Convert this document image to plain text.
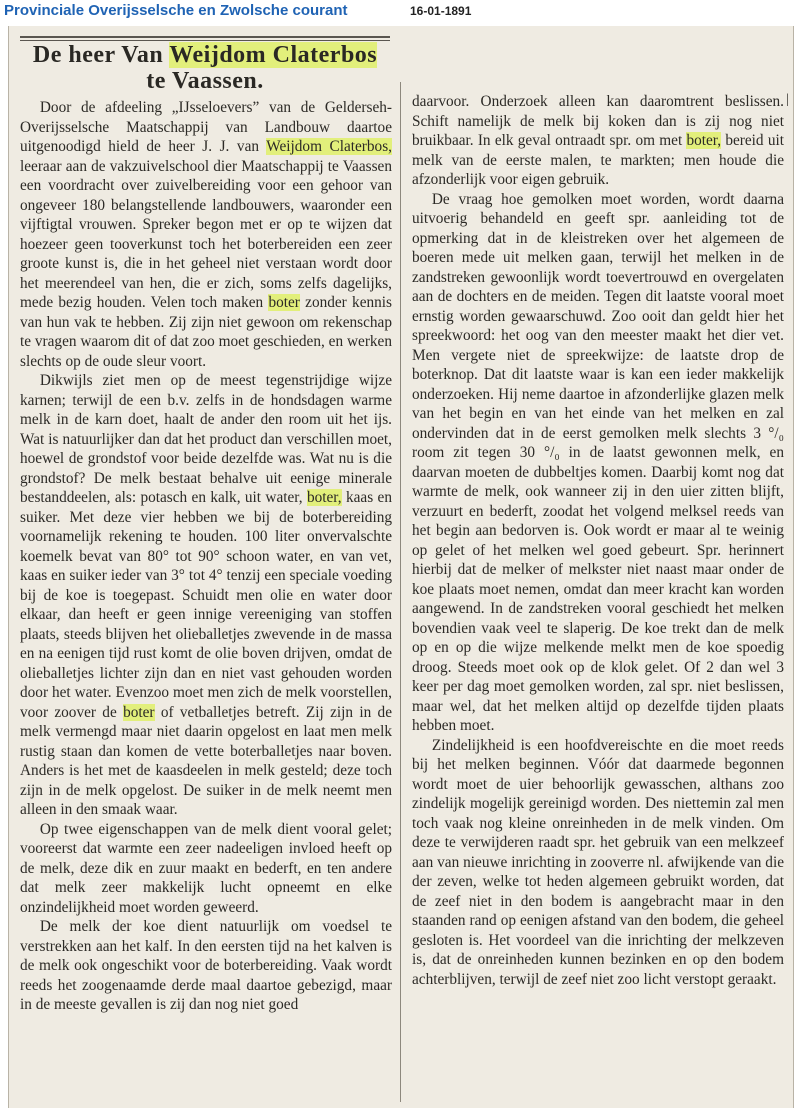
Provinciale Overijsselsche en Zwolsche courant	16-01-1891
De heer Van Weijdom Claterbos
te Vaassen.

Door de afdeeling „IJsseloevers” van de Gelderseh-Overijsselsche Maatschappij van Landbouw daartoe uitgenoodigd hield de heer J. J. van Weijdom Claterbos, leeraar aan de vakzuivelschool dier Maatschappij te Vaassen een voordracht over zuivelbereiding voor een gehoor van ongeveer 180 belangstellende landbouwers, waaronder een vijftigtal vrouwen. Spreker begon met er op te wijzen dat hoezeer geen tooverkunst toch het boterbereiden een zeer groote kunst is, die in het geheel niet verstaan wordt door het meerendeel van hen, die er zich, soms zelfs dagelijks, mede bezig houden. Velen toch maken boter zonder kennis van hun vak te hebben. Zij zijn niet gewoon om rekenschap te vragen waarom dit of dat zoo moet geschieden, en werken slechts op de oude sleur voort.

Dikwijls ziet men op de meest tegenstrijdige wijze karnen; terwijl de een b.v. zelfs in de hondsdagen warme melk in de karn doet, haalt de ander den room uit het ijs. Wat is natuurlijker dan dat het product dan verschillen moet, hoewel de grondstof voor beide dezelfde was. Wat nu is die grondstof? De melk bestaat behalve uit eenige minerale bestanddeelen, als: potasch en kalk, uit water, boter, kaas en suiker. Met deze vier hebben we bij de boterbereiding voornamelijk rekening te houden. 100 liter onvervalschte koemelk bevat van 80° tot 90° schoon water, en van vet, kaas en suiker ieder van 3° tot 4° tenzij een speciale voeding bij de koe is toegepast. Schuidt men olie en water door elkaar, dan heeft er geen innige vereeniging van stoffen plaats, steeds blijven het olieballetjes zwevende in de massa en na eenigen tijd rust komt de olie boven drijven, omdat de olieballetjes lichter zijn dan en niet vast gehouden worden door het water. Evenzoo moet men zich de melk voorstellen, voor zoover de boter of vetballetjes betreft. Zij zijn in de melk vermengd maar niet daarin opgelost en laat men melk rustig staan dan komen de vette boterballetjes naar boven. Anders is het met de kaasdeelen in melk gesteld; deze toch zijn in de melk opgelost. De suiker in de melk neemt men alleen in den smaak waar.

Op twee eigenschappen van de melk dient vooral gelet; vooreerst dat warmte een zeer nadeeligen invloed heeft op de melk, deze dik en zuur maakt en bederft, en ten andere dat melk zeer makkelijk lucht opneemt en elke onzindelijkheid moet worden geweerd.

De melk der koe dient natuurlijk om voedsel te verstrekken aan het kalf. In den eersten tijd na het kalven is de melk ook ongeschikt voor de boterbereiding. Vaak wordt reeds het zoogenaamde derde maal daartoe gebezigd, maar in de meeste gevallen is zij dan nog niet goed

daarvoor. Onderzoek alleen kan daaromtrent beslissen. Schift namelijk de melk bij koken dan is zij nog niet bruikbaar. In elk geval ontraadt spr. om met boter, bereid uit melk van de eerste malen, te markten; men houde die afzonderlijk voor eigen gebruik.

De vraag hoe gemolken moet worden, wordt daarna uitvoerig behandeld en geeft spr. aanleiding tot de opmerking dat in de kleistreken over het algemeen de boeren mede uit melken gaan, terwijl het melken in de zandstreken gewoonlijk wordt toevertrouwd en overgelaten aan de dochters en de meiden. Tegen dit laatste vooral moet ernstig worden gewaarschuwd. Zoo ooit dan geldt hier het spreekwoord: het oog van den meester maakt het dier vet. Men vergete niet de spreekwijze: de laatste drop de boterknop. Dat dit laatste waar is kan een ieder makkelijk onderzoeken. Hij neme daartoe in afzonderlijke glazen melk van het begin en van het einde van het melken en zal ondervinden dat in de eerst gemolken melk slechts 3 °/₀ room zit tegen 30 °/₀ in de laatst gewonnen melk, en daarvan moeten de dubbeltjes komen. Daarbij komt nog dat warmte de melk, ook wanneer zij in den uier zitten blijft, verzuurt en bederft, zoodat het volgend melksel reeds van het begin aan bedorven is. Ook wordt er maar al te weinig op gelet of het melken wel goed gebeurt. Spr. herinnert hierbij dat de melker of melkster niet naast maar onder de koe plaats moet nemen, omdat dan meer kracht kan worden aangewend. In de zandstreken vooral geschiedt het melken bovendien vaak veel te slaperig. De koe trekt dan de melk op en op die wijze melkende melkt men de koe spoedig droog. Steeds moet ook op de klok gelet. Of 2 dan wel 3 keer per dag moet gemolken worden, zal spr. niet beslissen, maar wel, dat het melken altijd op dezelfde tijden plaats hebben moet.

Zindelijkheid is een hoofdvereischte en die moet reeds bij het melken beginnen. Vóór dat daarmede begonnen wordt moet de uier behoorlijk gewasschen, althans zoo zindelijk mogelijk gereinigd worden. Des niettemin zal men toch vaak nog kleine onreinheden in de melk vinden. Om deze te verwijderen raadt spr. het gebruik van een melkzeef aan van nieuwe inrichting in zooverre nl. afwijkende van die der zeven, welke tot heden algemeen gebruikt worden, dat de zeef niet in den bodem is aangebracht maar in den staanden rand op eenigen afstand van den bodem, die geheel gesloten is. Het voordeel van die inrichting der melkzeven is, dat de onreinheden kunnen bezinken en op den bodem achterblijven, terwijl de zeef niet zoo licht verstopt geraakt.

|
